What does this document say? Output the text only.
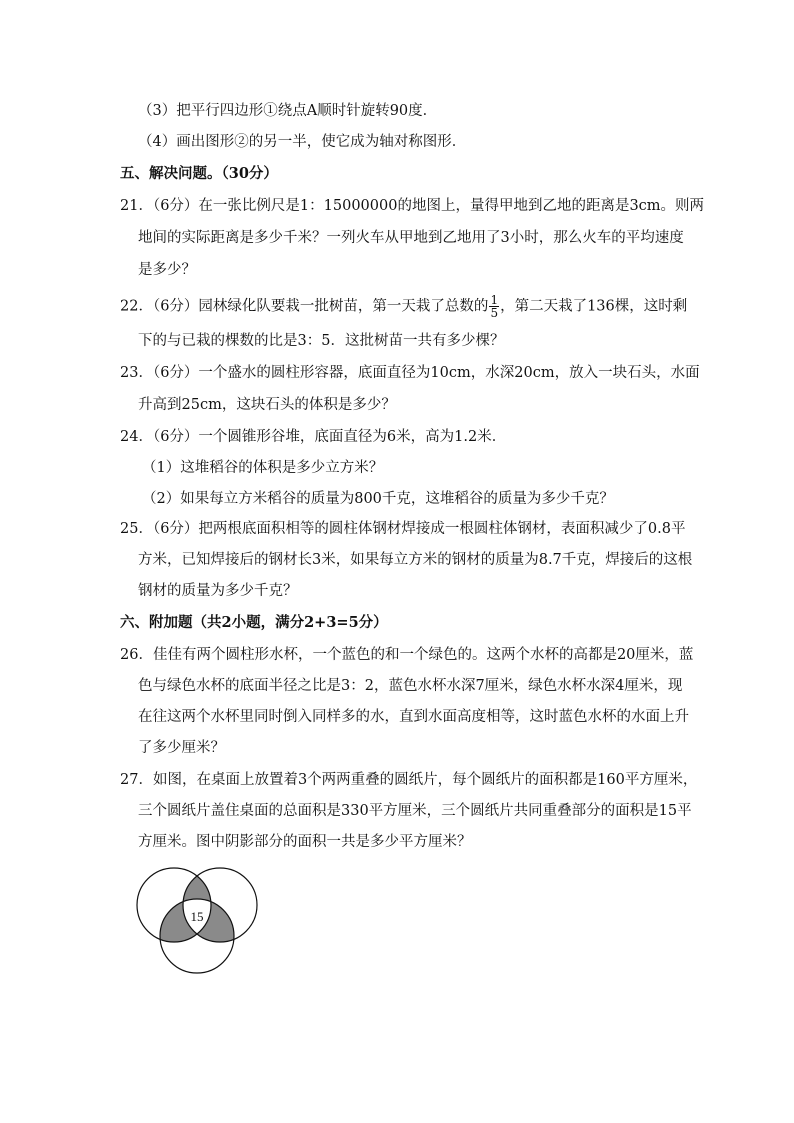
（3）把平行四边形①绕点A顺时针旋转90度．
（4）画出图形②的另一半，使它成为轴对称图形．
五、解决问题。（30分）
21．（6分）在一张比例尺是1：15000000的地图上，量得甲地到乙地的距离是3cm。则两
地间的实际距离是多少千米？一列火车从甲地到乙地用了3小时，那么火车的平均速度
是多少？
22．（6分）园林绿化队要栽一批树苗，第一天栽了总数的 $\frac{1}{5}$ ，第二天栽了136棵，这时剩
下的与已栽的棵数的比是3：5．这批树苗一共有多少棵？
23．（6分）一个盛水的圆柱形容器，底面直径为10cm，水深20cm，放入一块石头，水面
升高到25cm，这块石头的体积是多少？
24．（6分）一个圆锥形谷堆，底面直径为6米，高为1.2米．
（1）这堆稻谷的体积是多少立方米？
（2）如果每立方米稻谷的质量为800千克，这堆稻谷的质量为多少千克？
25．（6分）把两根底面积相等的圆柱体钢材焊接成一根圆柱体钢材，表面积减少了0.8平
方米，已知焊接后的钢材长3米，如果每立方米的钢材的质量为8.7千克，焊接后的这根
钢材的质量为多少千克？
六、附加题（共2小题，满分2+3=5分）
26．佳佳有两个圆柱形水杯，一个蓝色的和一个绿色的。这两个水杯的高都是20厘米，蓝
色与绿色水杯的底面半径之比是3：2，蓝色水杯水深7厘米，绿色水杯水深4厘米，现
在往这两个水杯里同时倒入同样多的水，直到水面高度相等，这时蓝色水杯的水面上升
了多少厘米？
27．如图，在桌面上放置着3个两两重叠的圆纸片，每个圆纸片的面积都是160平方厘米，
三个圆纸片盖住桌面的总面积是330平方厘米，三个圆纸片共同重叠部分的面积是15平
方厘米。图中阴影部分的面积一共是多少平方厘米？
15
